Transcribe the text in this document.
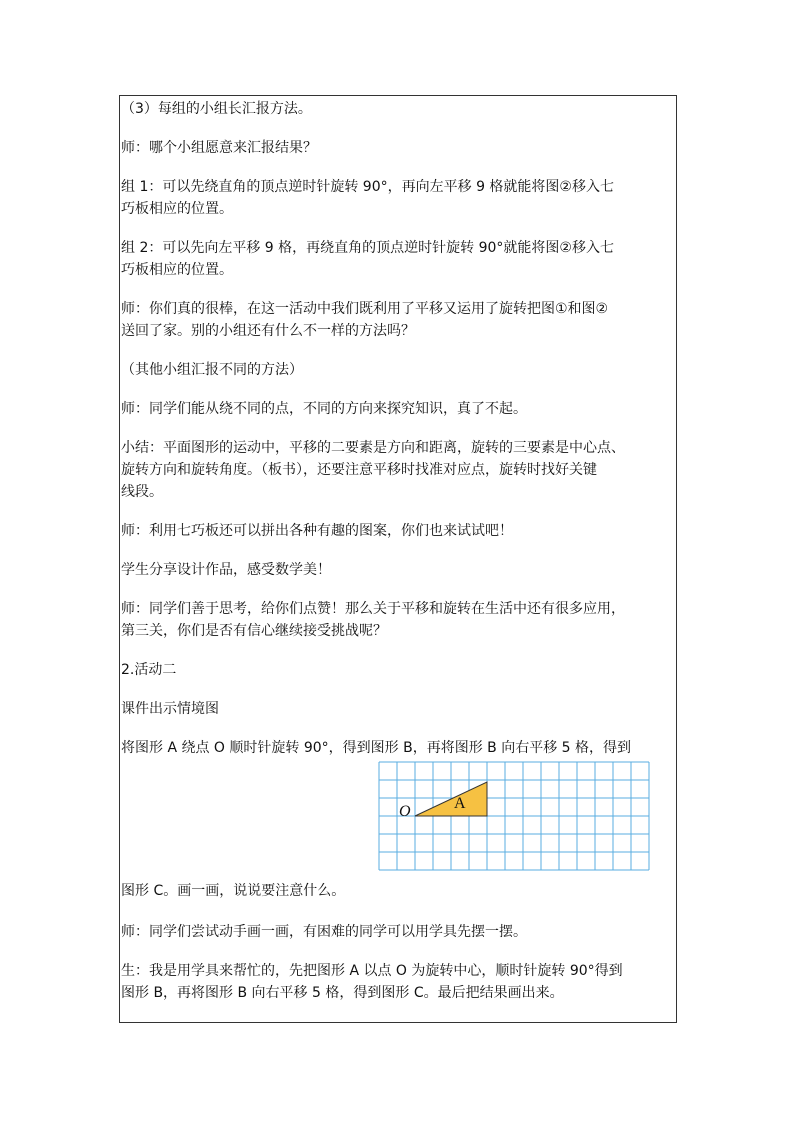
（3）每组的小组长汇报方法。

师：哪个小组愿意来汇报结果？

组 1：可以先绕直角的顶点逆时针旋转 90°，再向左平移 9 格就能将图②移入七

巧板相应的位置。

组 2：可以先向左平移 9 格，再绕直角的顶点逆时针旋转 90°就能将图②移入七

巧板相应的位置。

师：你们真的很棒，在这一活动中我们既利用了平移又运用了旋转把图①和图②

送回了家。别的小组还有什么不一样的方法吗？

（其他小组汇报不同的方法）

师：同学们能从绕不同的点，不同的方向来探究知识，真了不起。

小结：平面图形的运动中，平移的二要素是方向和距离，旋转的三要素是中心点、

旋转方向和旋转角度。（板书），还要注意平移时找准对应点，旋转时找好关键

线段。

师：利用七巧板还可以拼出各种有趣的图案，你们也来试试吧！

学生分享设计作品，感受数学美！

师：同学们善于思考，给你们点赞！那么关于平移和旋转在生活中还有很多应用，

第三关，你们是否有信心继续接受挑战呢？

2.活动二

课件出示情境图

将图形 A 绕点 O 顺时针旋转 90°，得到图形 B，再将图形 B 向右平移 5 格，得到

图形 C。画一画，说说要注意什么。

师：同学们尝试动手画一画，有困难的同学可以用学具先摆一摆。

生：我是用学具来帮忙的，先把图形 A 以点 O 为旋转中心，顺时针旋转 90°得到

图形 B，再将图形 B 向右平移 5 格，得到图形 C。最后把结果画出来。

A
O
